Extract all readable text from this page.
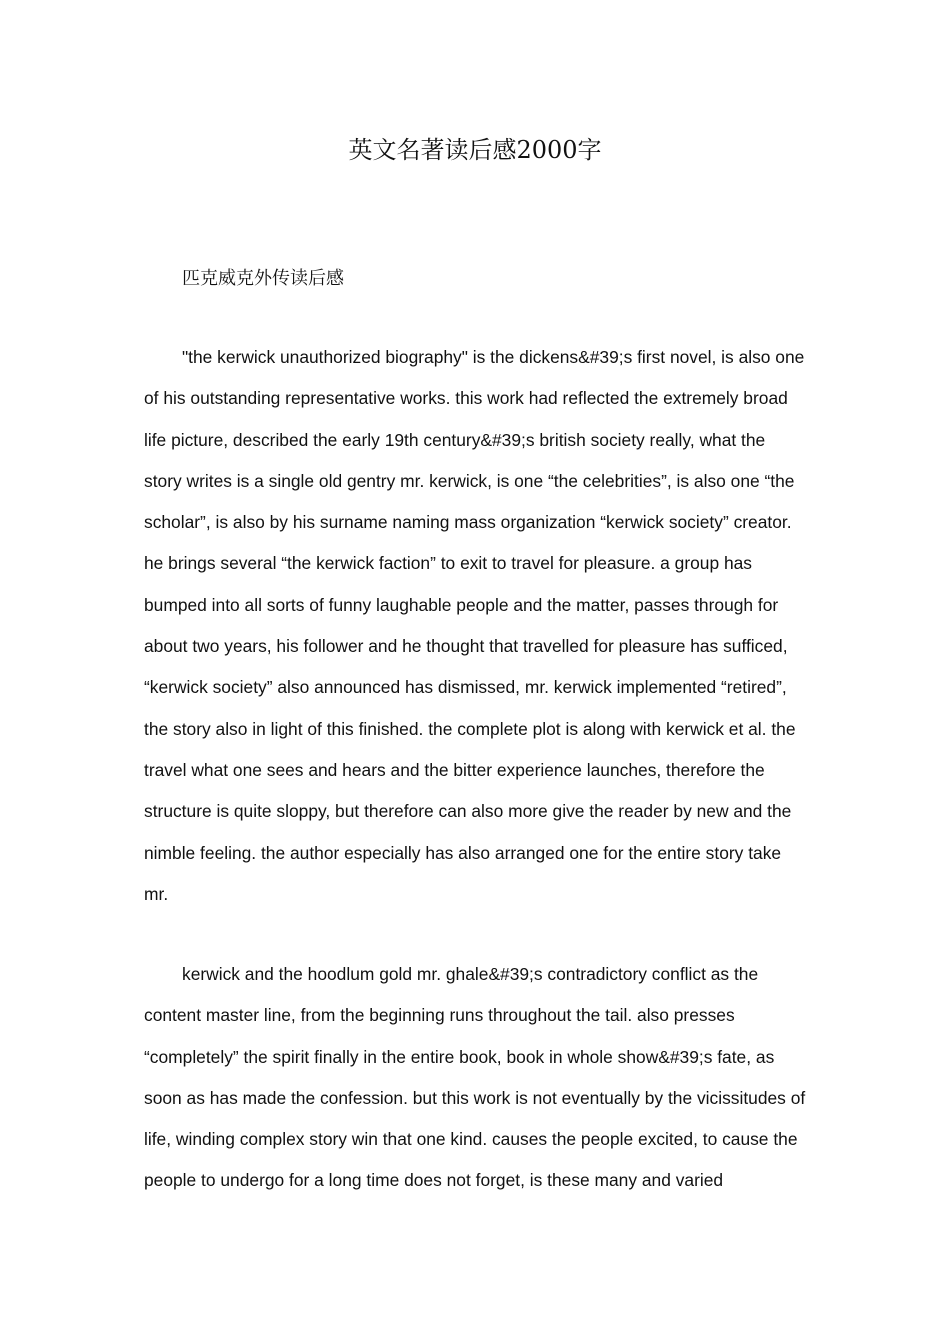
英文名著读后感2000字
匹克威克外传读后感

"the kerwick unauthorized biography" is the dickens&#39;s first novel, is also one of his outstanding representative works. this work had reflected the extremely broad life picture, described the early 19th century&#39;s british society really, what the story writes is a single old gentry mr. kerwick, is one “the celebrities”, is also one “the scholar”, is also by his surname naming mass organization “kerwick society” creator. he brings several “the kerwick faction” to exit to travel for pleasure. a group has bumped into all sorts of funny laughable people and the matter, passes through for about two years, his follower and he thought that travelled for pleasure has sufficed, “kerwick society” also announced has dismissed, mr. kerwick implemented “retired”, the story also in light of this finished. the complete plot is along with kerwick et al. the travel what one sees and hears and the bitter experience launches, therefore the structure is quite sloppy, but therefore can also more give the reader by new and the nimble feeling. the author especially has also arranged one for the entire story take mr.

kerwick and the hoodlum gold mr. ghale&#39;s contradictory conflict as the content master line, from the beginning runs throughout the tail. also presses “completely” the spirit finally in the entire book, book in whole show&#39;s fate, as soon as has made the confession. but this work is not eventually by the vicissitudes of life, winding complex story win that one kind. causes the people excited, to cause the people to undergo for a long time does not forget, is these many and varied
